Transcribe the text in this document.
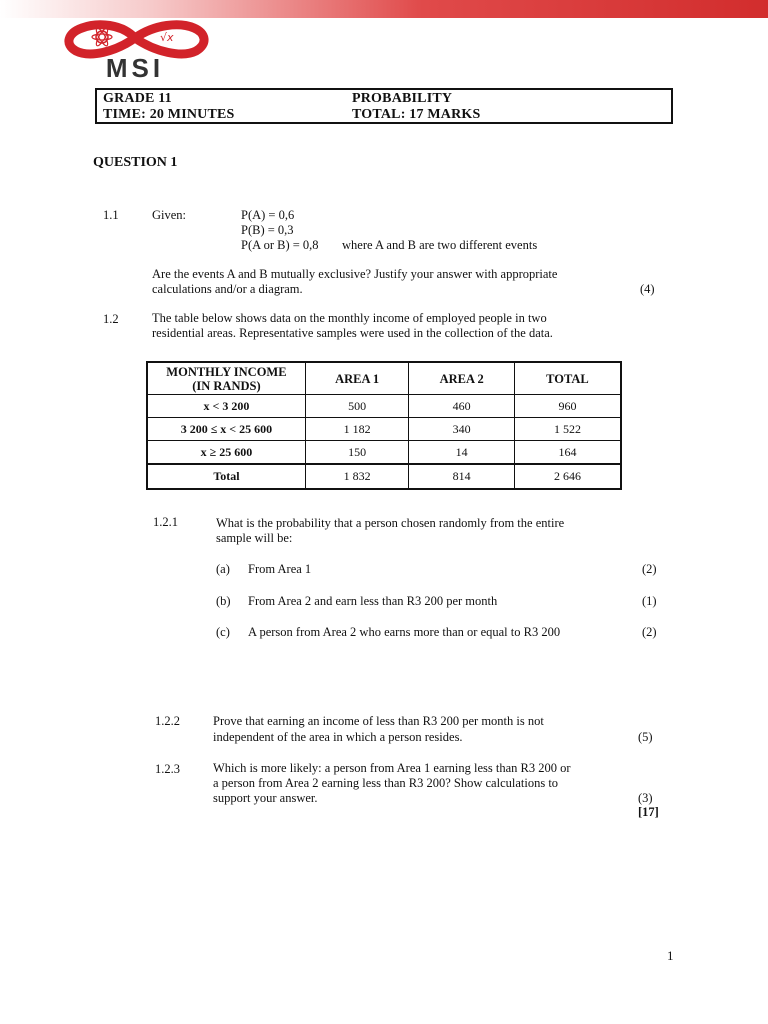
√x
MSI
GRADE 11
TIME: 20 MINUTES
PROBABILITY
TOTAL: 17 MARKS
QUESTION 1
1.1	Given:	P(A) = 0,6
P(B) = 0,3
P(A or B) = 0,8 where A and B are two different events
Are the events A and B mutually exclusive? Justify your answer with appropriate
calculations and/or a diagram.	(4)
1.2	The table below shows data on the monthly income of employed people in two
residential areas. Representative samples were used in the collection of the data.
MONTHLY INCOME
(IN RANDS)	AREA 1	AREA 2	TOTAL
x < 3 200	500	460	960
3 200 ≤ x < 25 600	1 182	340	1 522
x ≥ 25 600	150	14	164
Total	1 832	814	2 646
1.2.1	What is the probability that a person chosen randomly from the entire
sample will be:
(a) From Area 1	(2)
(b) From Area 2 and earn less than R3 200 per month	(1)
(c) A person from Area 2 who earns more than or equal to R3 200	(2)
1.2.2	Prove that earning an income of less than R3 200 per month is not
independent of the area in which a person resides.	(5)
1.2.3	Which is more likely: a person from Area 1 earning less than R3 200 or
a person from Area 2 earning less than R3 200? Show calculations to
support your answer.	(3)
[17]
1
